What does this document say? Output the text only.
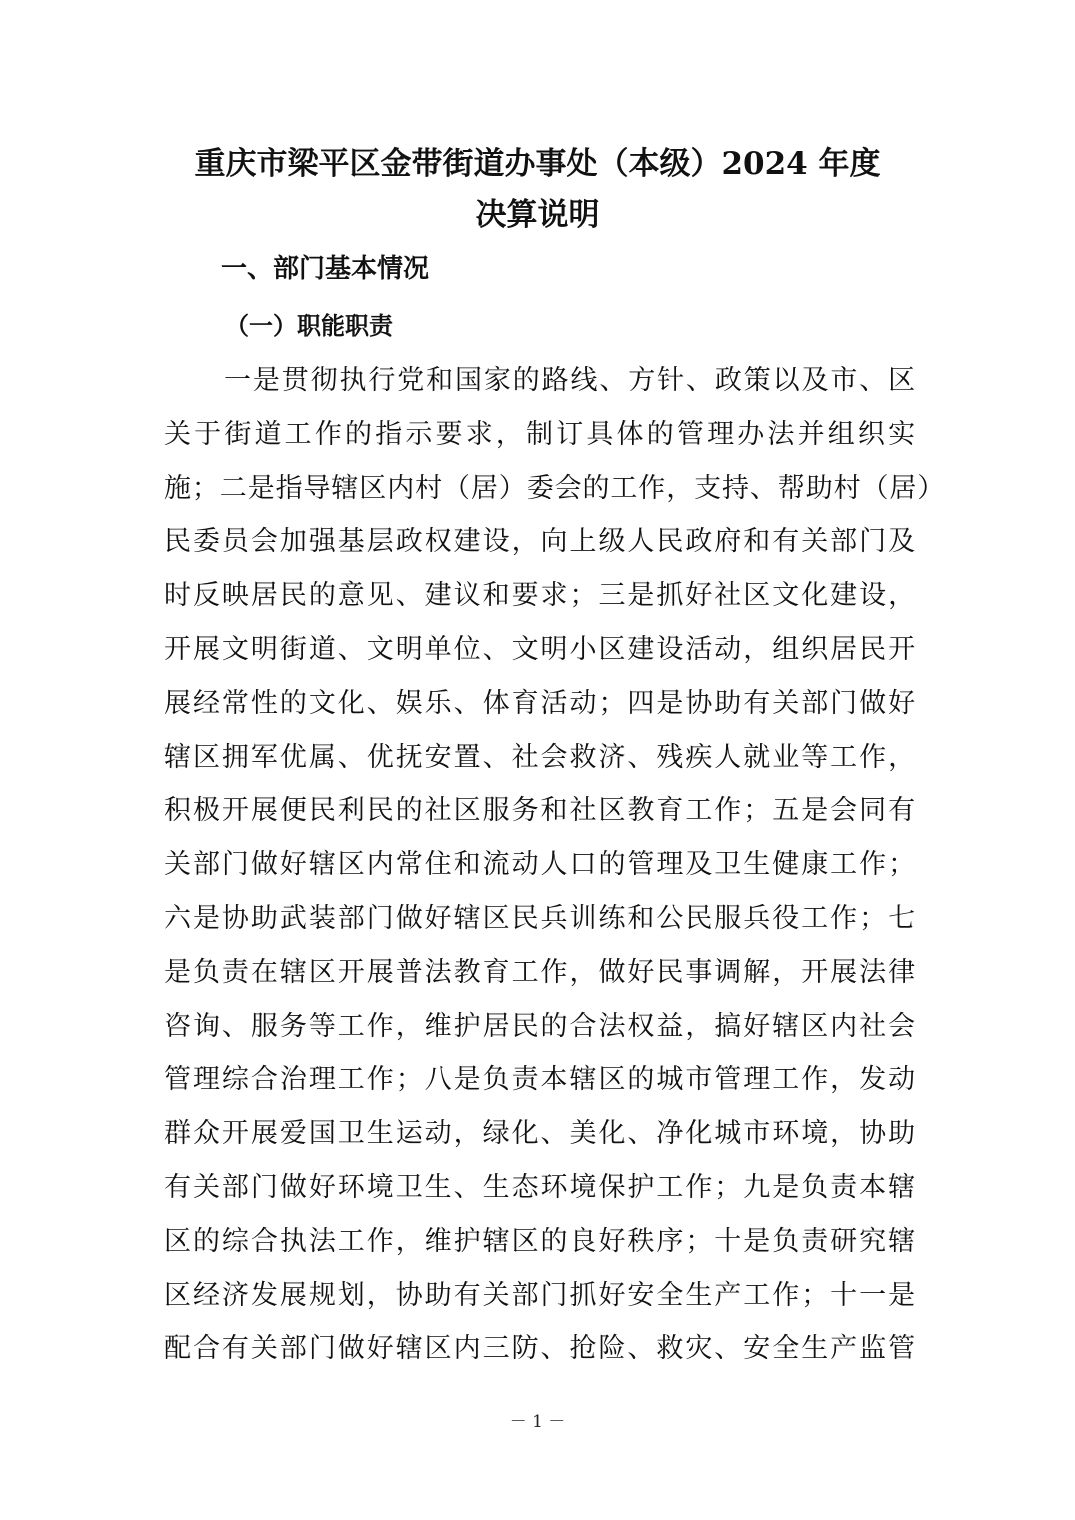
重庆市梁平区金带街道办事处（本级）2024 年度
决算说明
一、部门基本情况
（一）职能职责
一是贯彻执行党和国家的路线、方针、政策以及市、区
关于街道工作的指示要求，制订具体的管理办法并组织实
施；二是指导辖区内村（居）委会的工作，支持、帮助村（居）
民委员会加强基层政权建设，向上级人民政府和有关部门及
时反映居民的意见、建议和要求；三是抓好社区文化建设，
开展文明街道、文明单位、文明小区建设活动，组织居民开
展经常性的文化、娱乐、体育活动；四是协助有关部门做好
辖区拥军优属、优抚安置、社会救济、残疾人就业等工作，
积极开展便民利民的社区服务和社区教育工作；五是会同有
关部门做好辖区内常住和流动人口的管理及卫生健康工作；
六是协助武装部门做好辖区民兵训练和公民服兵役工作；七
是负责在辖区开展普法教育工作，做好民事调解，开展法律
咨询、服务等工作，维护居民的合法权益，搞好辖区内社会
管理综合治理工作；八是负责本辖区的城市管理工作，发动
群众开展爱国卫生运动，绿化、美化、净化城市环境，协助
有关部门做好环境卫生、生态环境保护工作；九是负责本辖
区的综合执法工作，维护辖区的良好秩序；十是负责研究辖
区经济发展规划，协助有关部门抓好安全生产工作；十一是
配合有关部门做好辖区内三防、抢险、救灾、安全生产监管
－ 1 －
